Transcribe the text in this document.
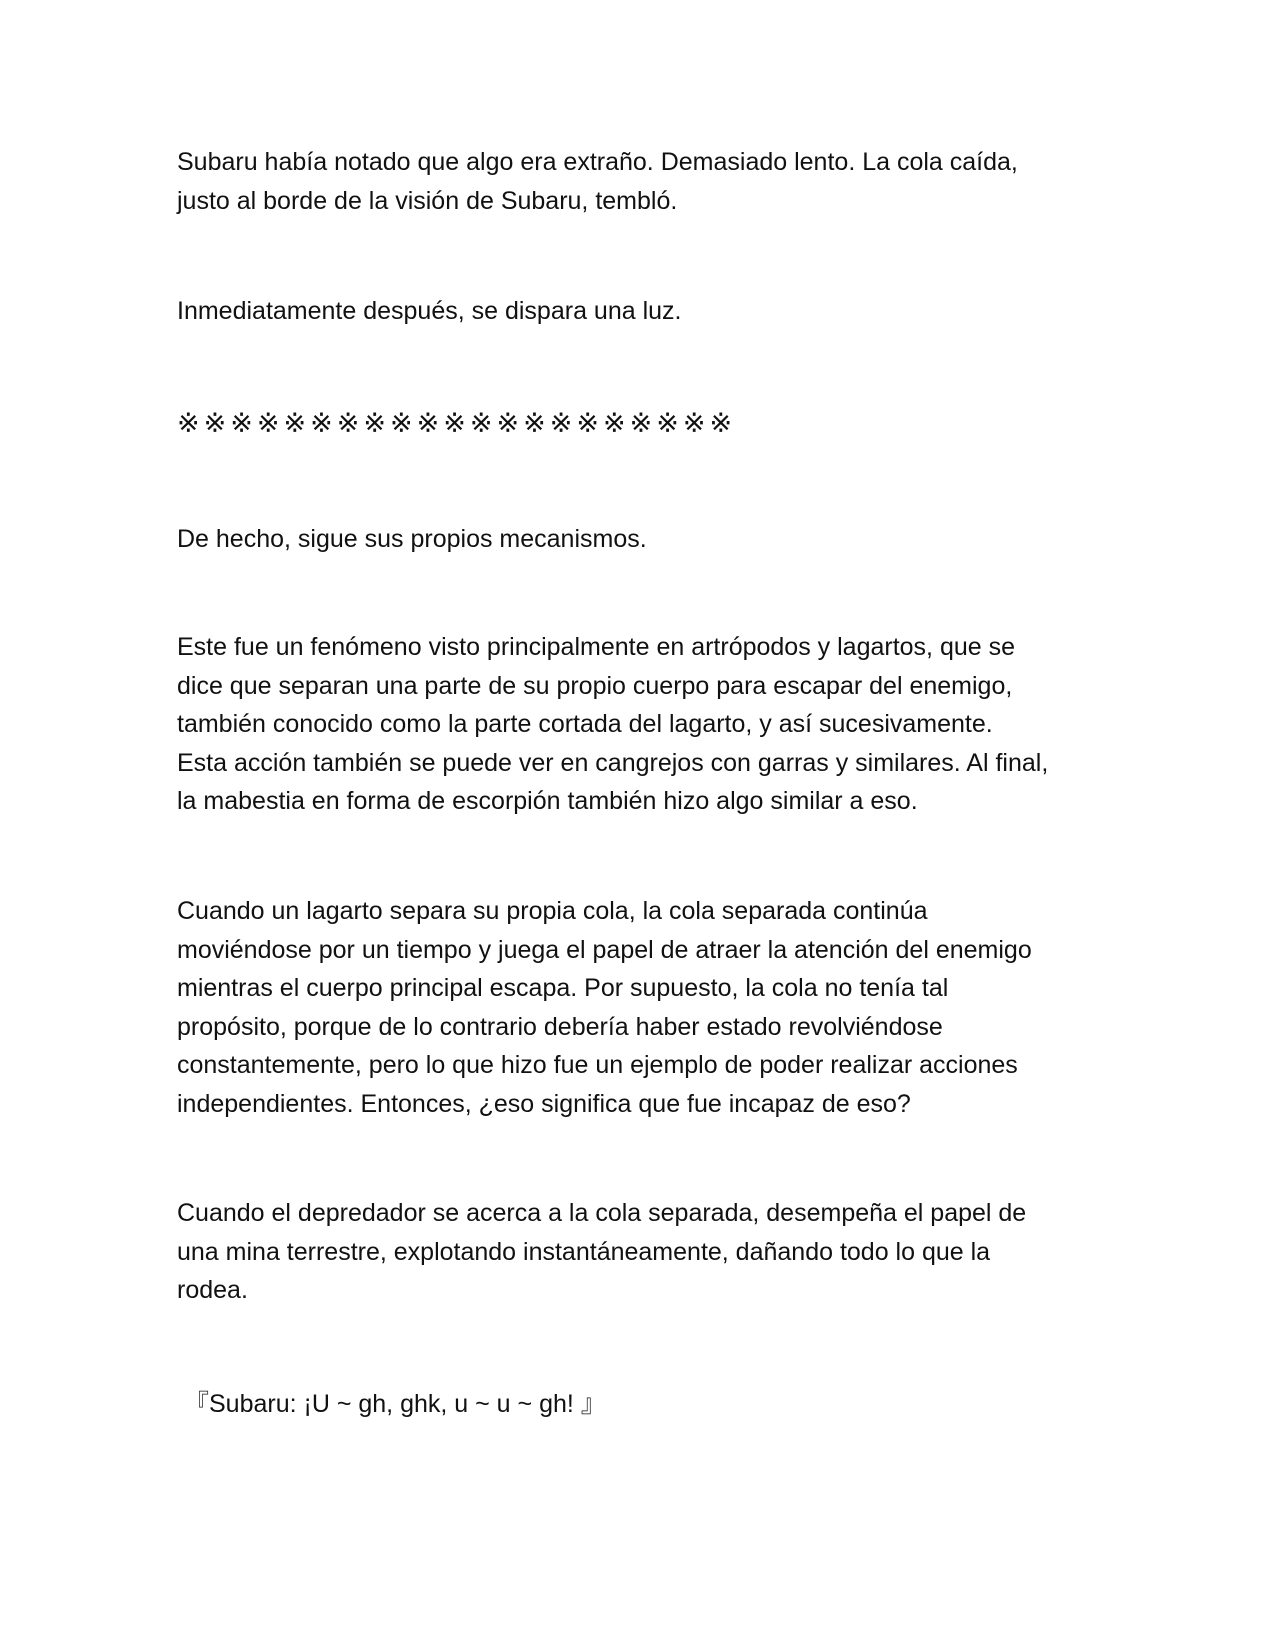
Subaru había notado que algo era extraño. Demasiado lento. La cola caída,
justo al borde de la visión de Subaru, tembló.

Inmediatamente después, se dispara una luz.

※※※※※※※※※※※※※※※※※※※※※

De hecho, sigue sus propios mecanismos.

Este fue un fenómeno visto principalmente en artrópodos y lagartos, que se
dice que separan una parte de su propio cuerpo para escapar del enemigo,
también conocido como la parte cortada del lagarto, y así sucesivamente.
Esta acción también se puede ver en cangrejos con garras y similares. Al final,
la mabestia en forma de escorpión también hizo algo similar a eso.

Cuando un lagarto separa su propia cola, la cola separada continúa
moviéndose por un tiempo y juega el papel de atraer la atención del enemigo
mientras el cuerpo principal escapa. Por supuesto, la cola no tenía tal
propósito, porque de lo contrario debería haber estado revolviéndose
constantemente, pero lo que hizo fue un ejemplo de poder realizar acciones
independientes. Entonces, ¿eso significa que fue incapaz de eso?

Cuando el depredador se acerca a la cola separada, desempeña el papel de
una mina terrestre, explotando instantáneamente, dañando todo lo que la
rodea.

『Subaru: ¡U ~ gh, ghk, u ~ u ~ gh! 』
